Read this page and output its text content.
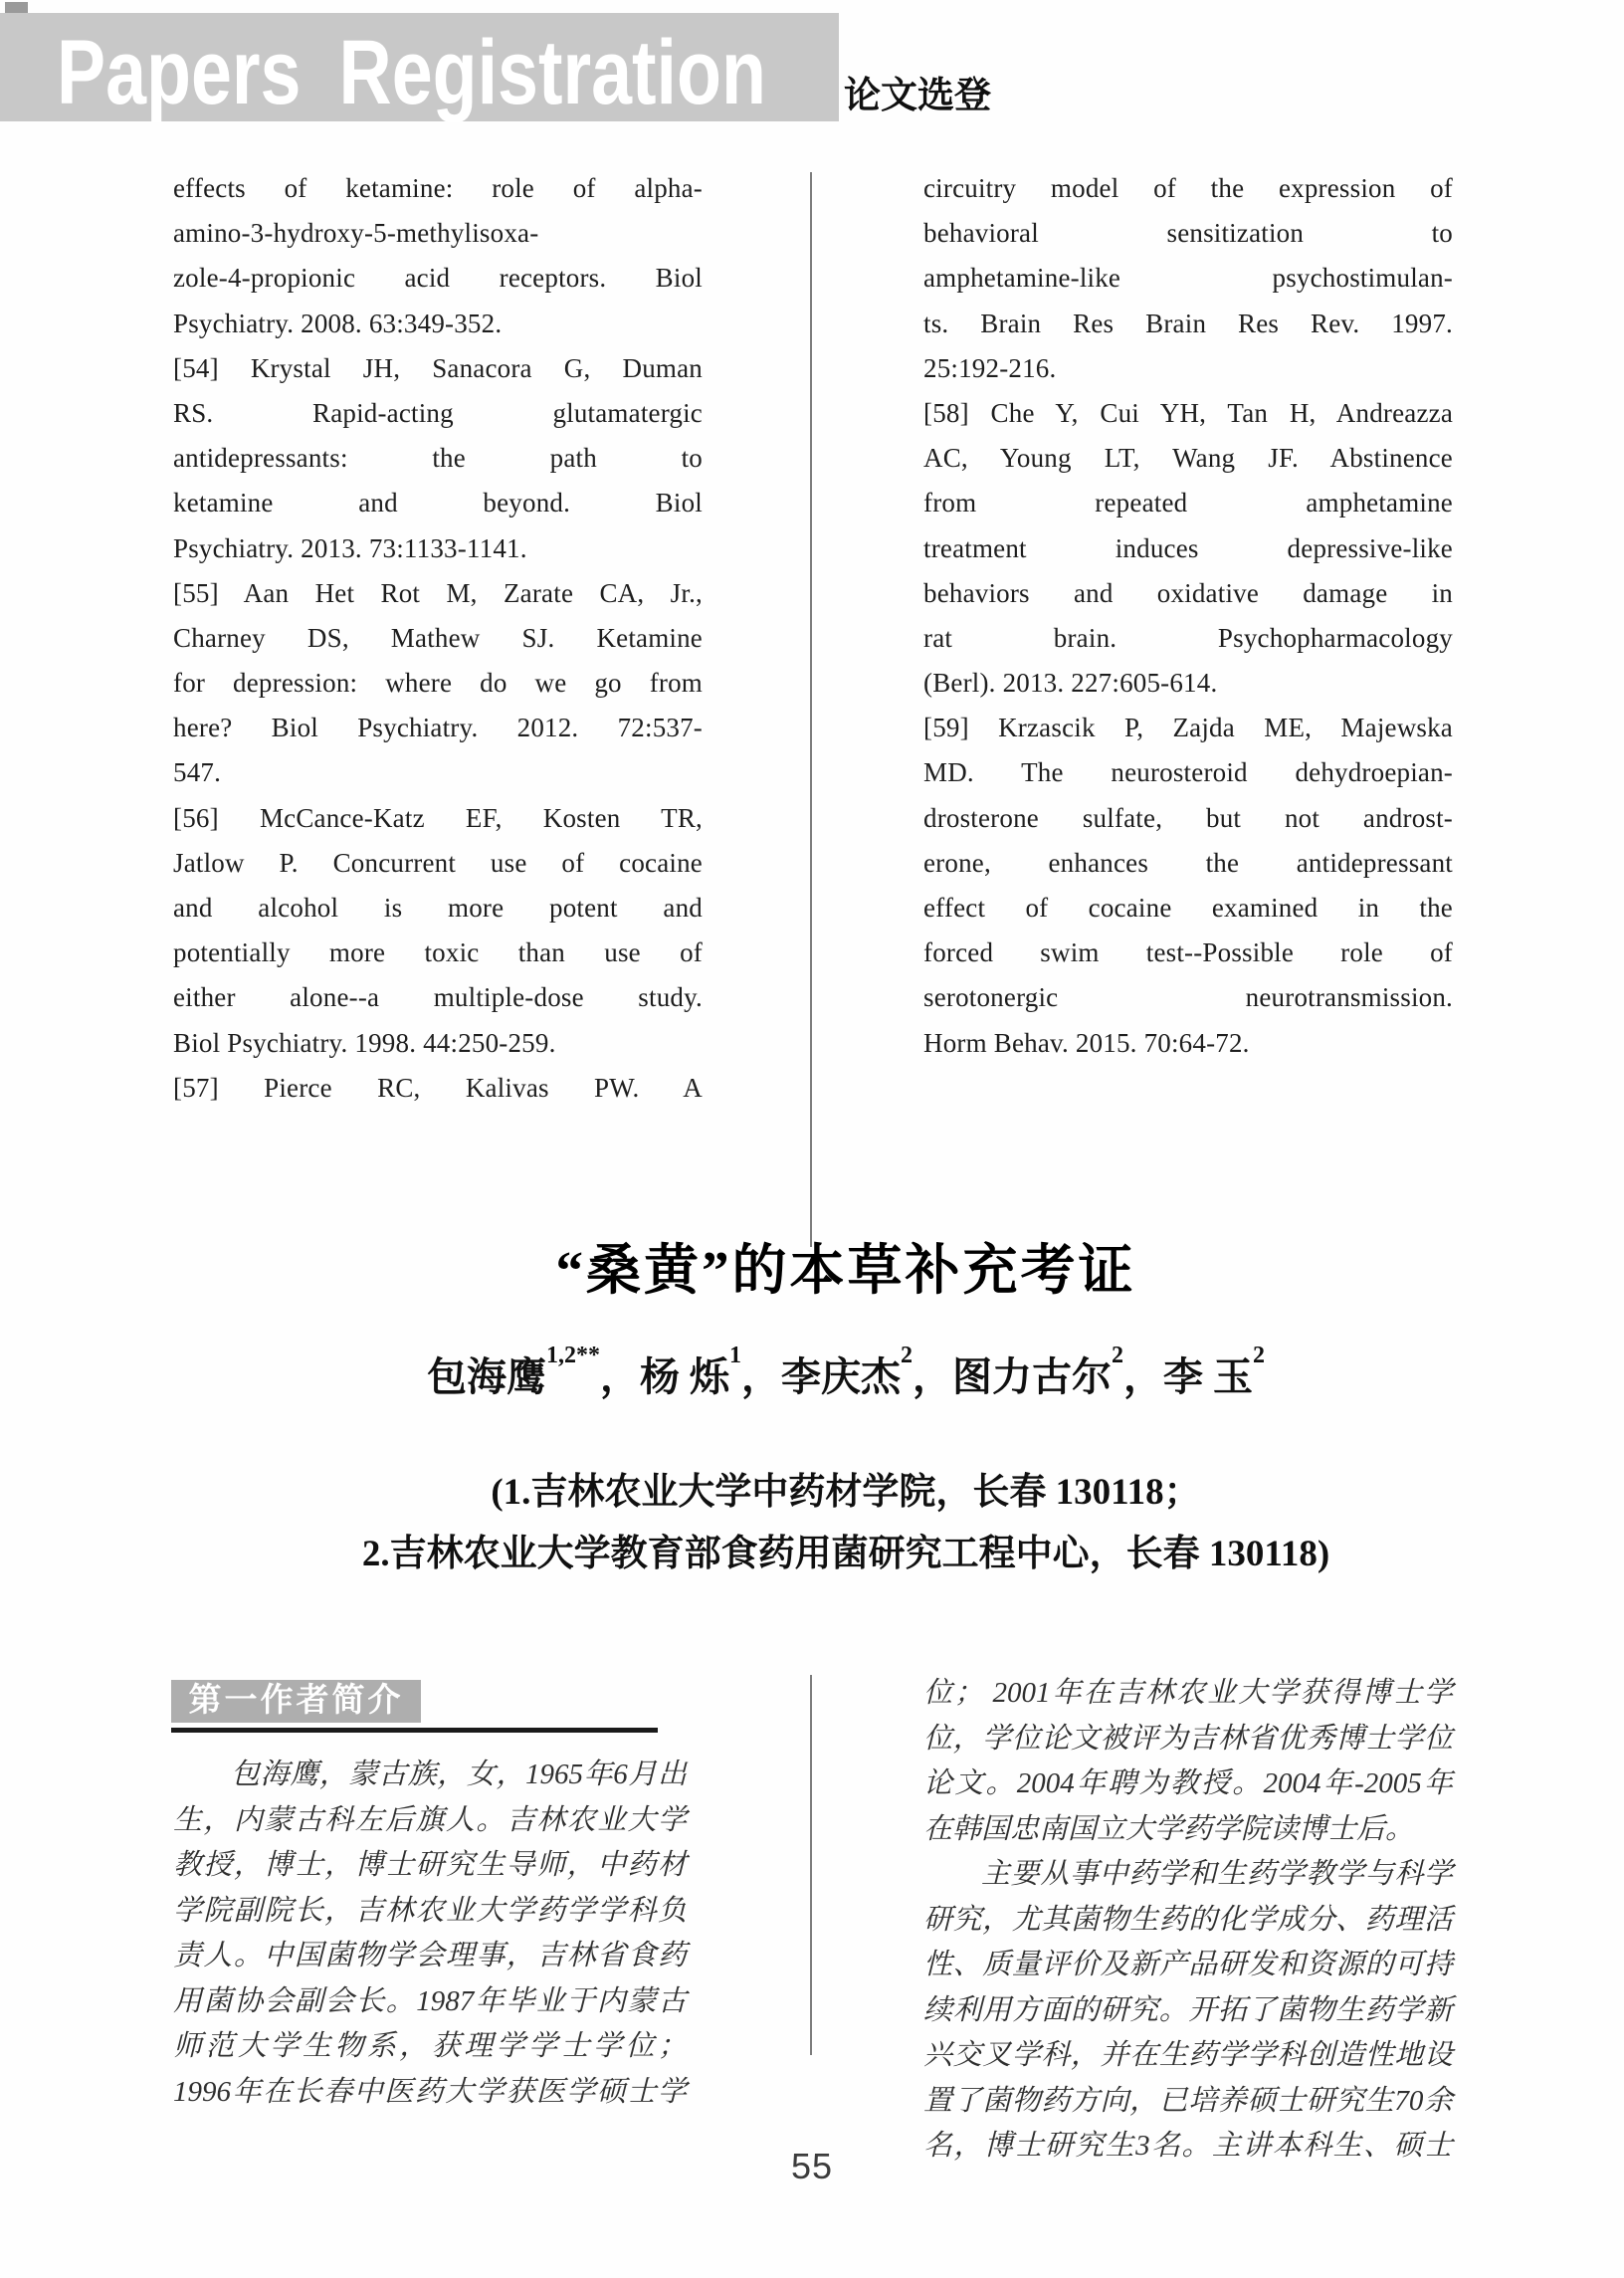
Papers Registration 论文选登
effects of ketamine: role of alpha-
amino-3-hydroxy-5-methylisoxa-
zole-4-propionic acid receptors. Biol
Psychiatry. 2008. 63:349-352.
[54] Krystal JH, Sanacora G, Duman
RS. Rapid-acting glutamatergic
antidepressants: the path to
ketamine and beyond. Biol
Psychiatry. 2013. 73:1133-1141.
[55] Aan Het Rot M, Zarate CA, Jr.,
Charney DS, Mathew SJ. Ketamine
for depression: where do we go from
here? Biol Psychiatry. 2012. 72:537-
547.
[56] McCance-Katz EF, Kosten TR,
Jatlow P. Concurrent use of cocaine
and alcohol is more potent and
potentially more toxic than use of
either alone--a multiple-dose study.
Biol Psychiatry. 1998. 44:250-259.
[57] Pierce RC, Kalivas PW. A
circuitry model of the expression of
behavioral sensitization to
amphetamine-like psychostimulan-
ts. Brain Res Brain Res Rev. 1997.
25:192-216.
[58] Che Y, Cui YH, Tan H, Andreazza
AC, Young LT, Wang JF. Abstinence
from repeated amphetamine
treatment induces depressive-like
behaviors and oxidative damage in
rat brain. Psychopharmacology
(Berl). 2013. 227:605-614.
[59] Krzascik P, Zajda ME, Majewska
MD. The neurosteroid dehydroepian-
drosterone sulfate, but not androst-
erone, enhances the antidepressant
effect of cocaine examined in the
forced swim test--Possible role of
serotonergic neurotransmission.
Horm Behav. 2015. 70:64-72.
“桑黄”的本草补充考证
包海鹰$^{1,2**}$，杨 烁$^1$，李庆杰$^2$，图力古尔$^2$，李 玉$^2$
(1.吉林农业大学中药材学院，长春 130118；
2.吉林农业大学教育部食药用菌研究工程中心，长春 130118)
第一作者简介
包海鹰，蒙古族，女，1965年6月出
生，内蒙古科左后旗人。吉林农业大学
教授，博士，博士研究生导师，中药材
学院副院长，吉林农业大学药学学科负
责人。中国菌物学会理事，吉林省食药
用菌协会副会长。1987年毕业于内蒙古
师范大学生物系，获理学学士学位；
1996年在长春中医药大学获医学硕士学
位； 2001年在吉林农业大学获得博士学
位，学位论文被评为吉林省优秀博士学位
论文。2004年聘为教授。2004年-2005年
在韩国忠南国立大学药学院读博士后。
主要从事中药学和生药学教学与科学
研究，尤其菌物生药的化学成分、药理活
性、质量评价及新产品研发和资源的可持
续利用方面的研究。开拓了菌物生药学新
兴交叉学科，并在生药学学科创造性地设
置了菌物药方向，已培养硕士研究生70余
名，博士研究生3名。主讲本科生、硕士
55
